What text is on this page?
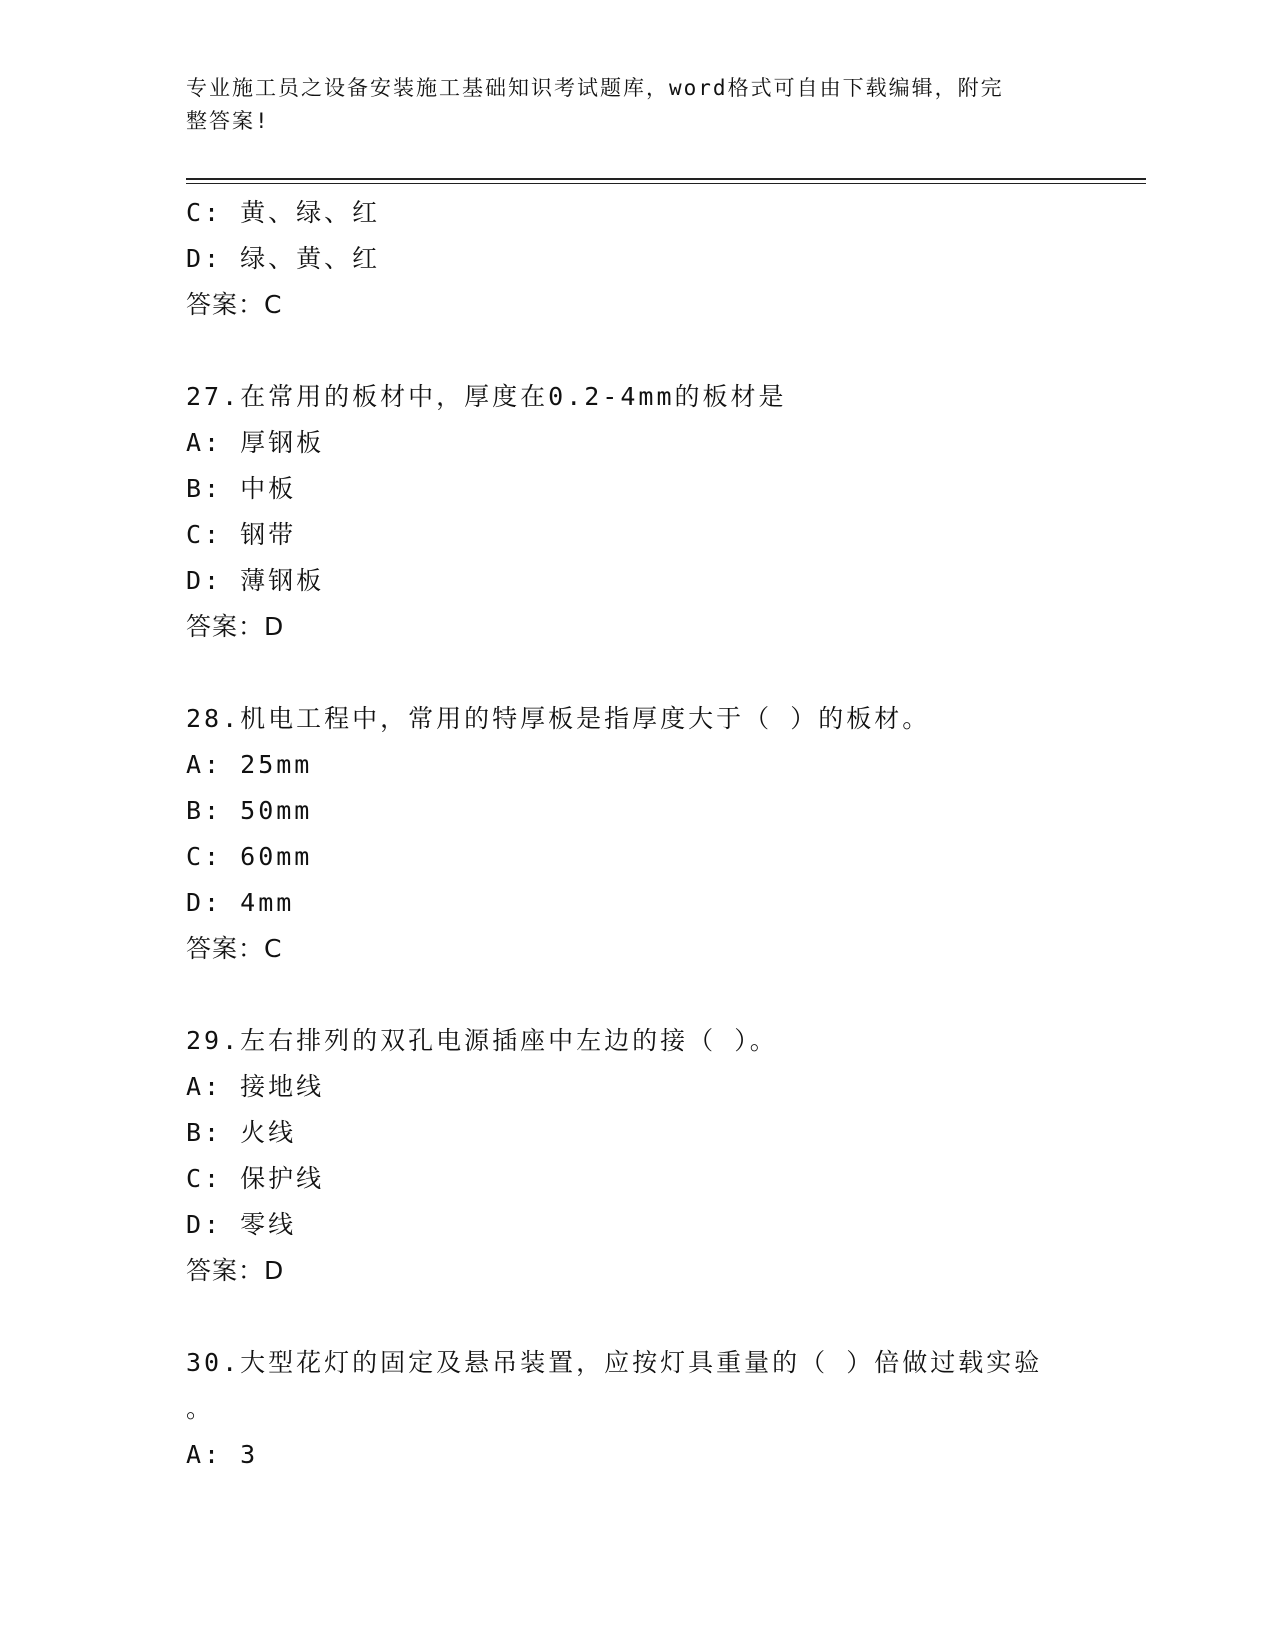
专业施工员之设备安装施工基础知识考试题库，word格式可自由下载编辑，附完
整答案!
C: 黄、绿、红
D: 绿、黄、红
答案：C
27.在常用的板材中，厚度在0.2-4mm的板材是
A: 厚钢板
B: 中板
C: 钢带
D: 薄钢板
答案：D
28.机电工程中，常用的特厚板是指厚度大于（ ）的板材。
A: 25mm
B: 50mm
C: 60mm
D: 4mm
答案：C
29.左右排列的双孔电源插座中左边的接（ ）。
A: 接地线
B: 火线
C: 保护线
D: 零线
答案：D
30.大型花灯的固定及悬吊装置，应按灯具重量的（ ）倍做过载实验
。
A: 3
